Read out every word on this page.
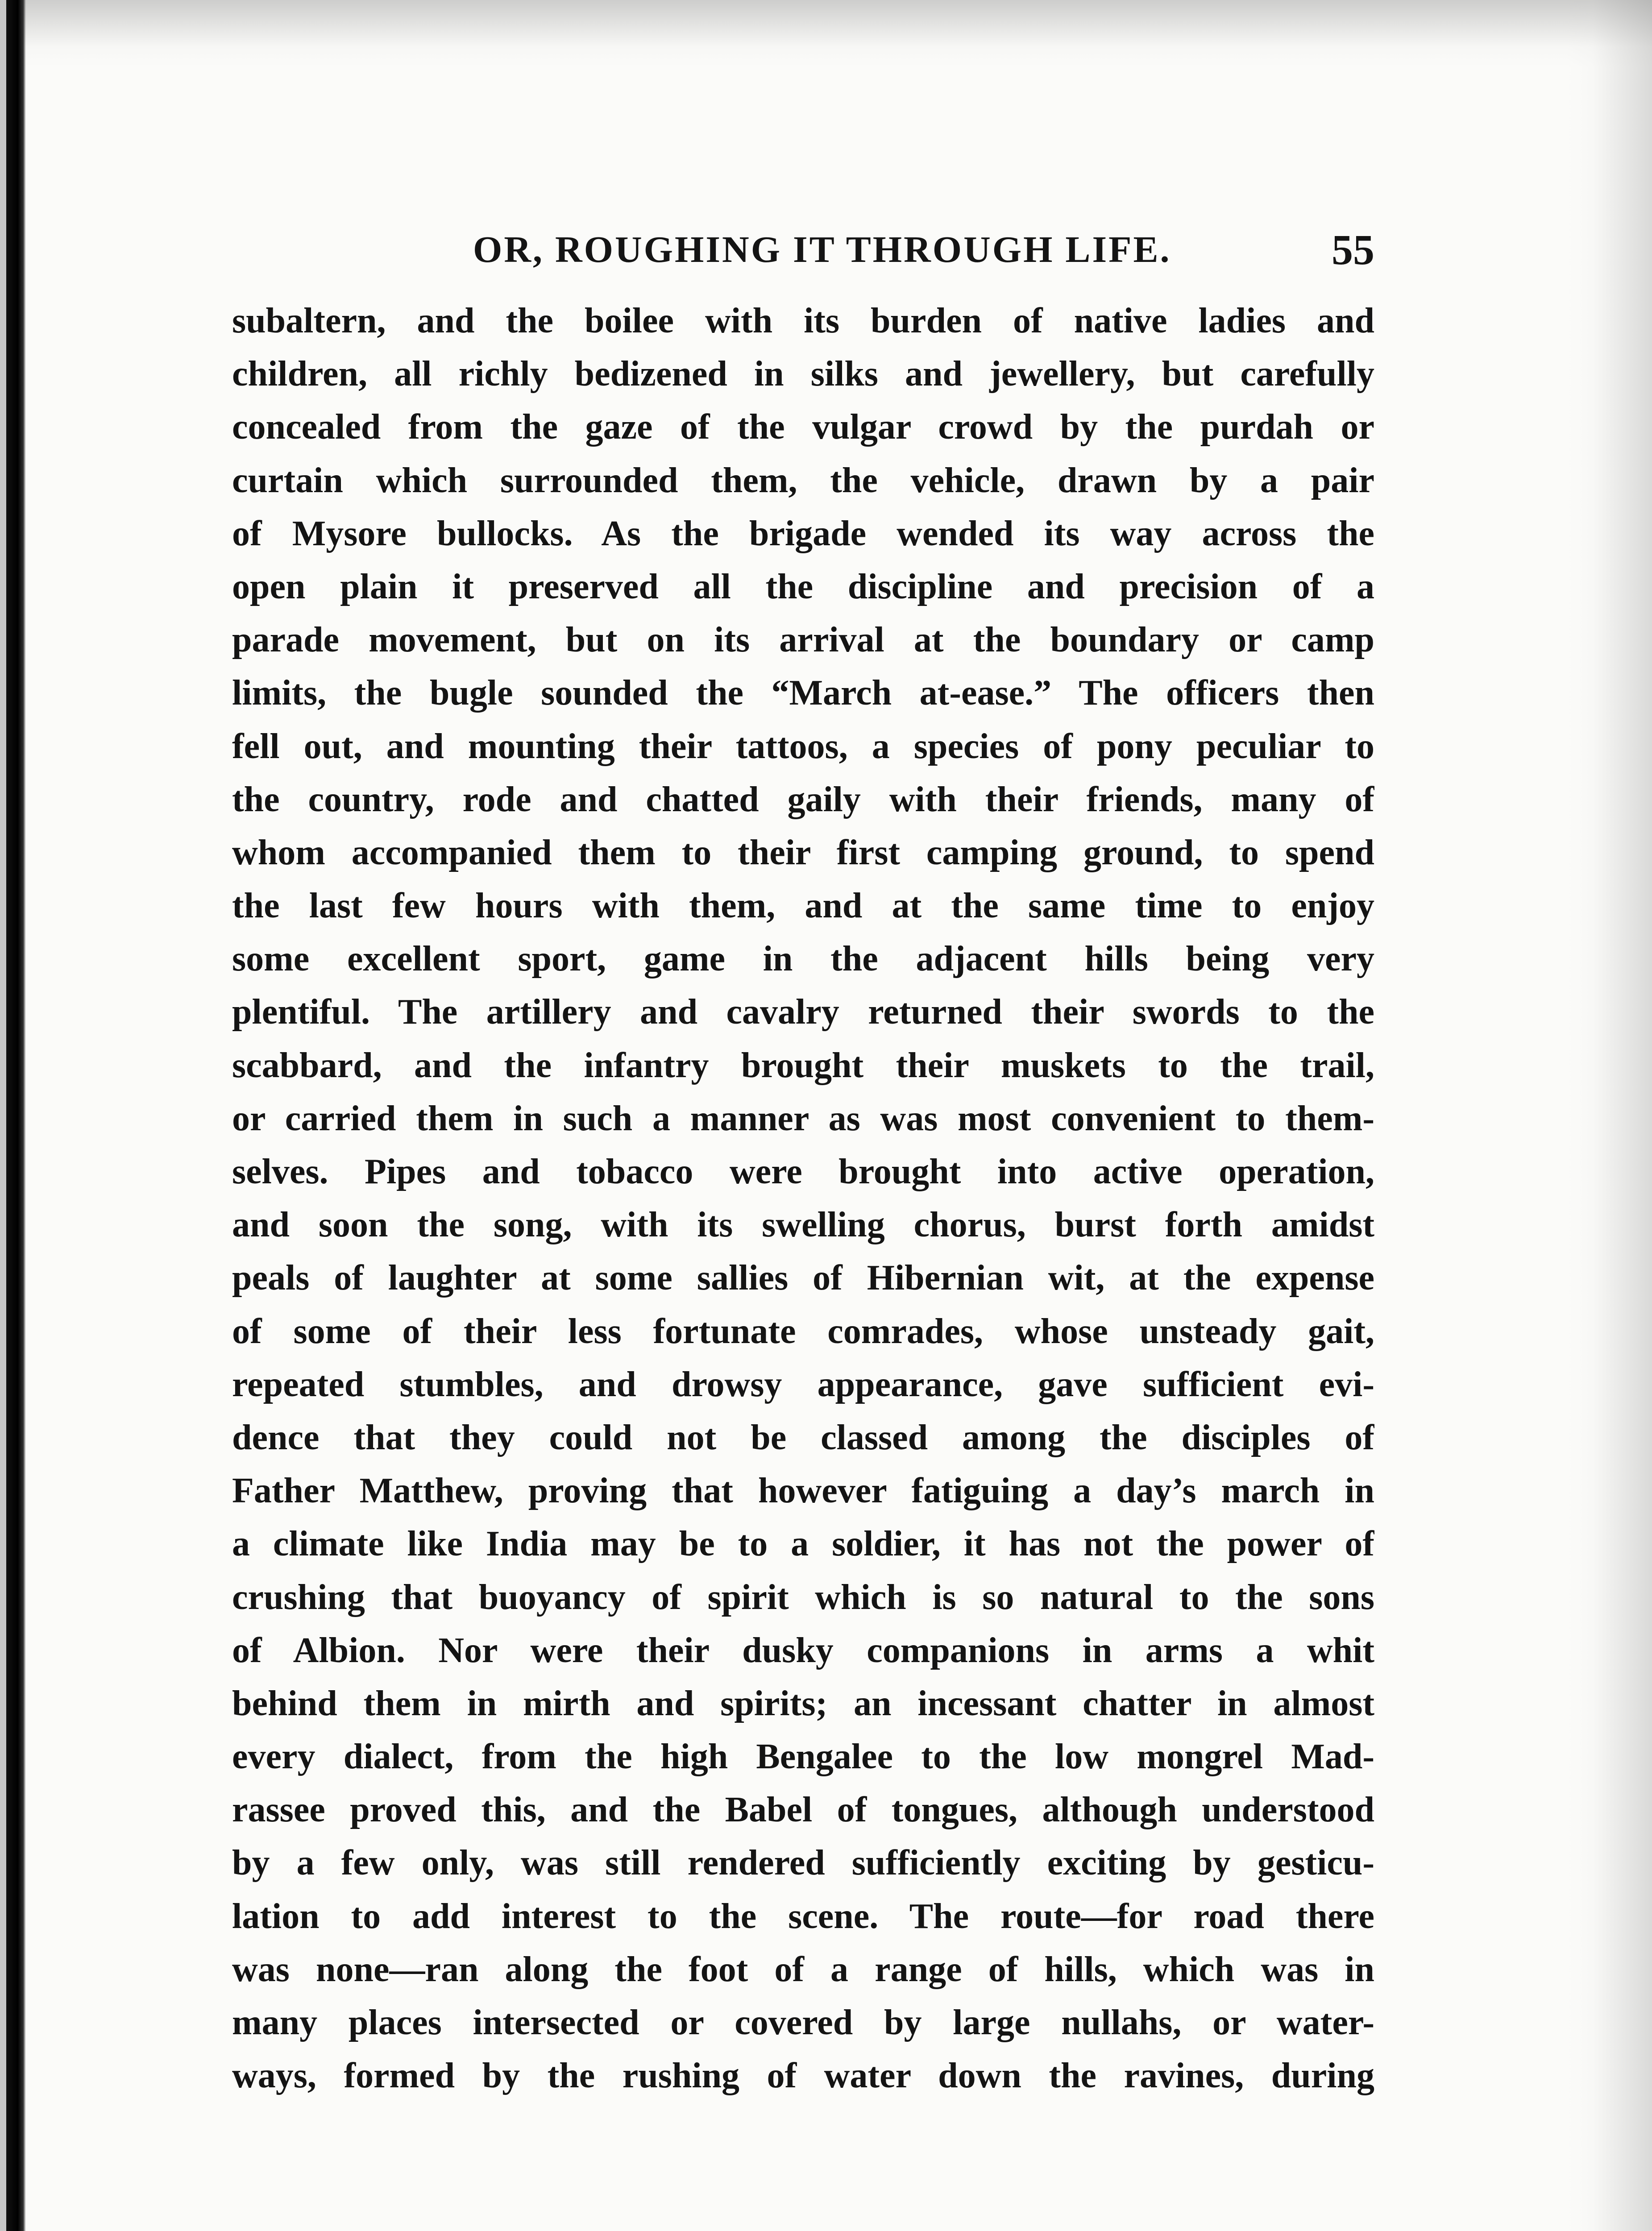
OR, ROUGHING IT THROUGH LIFE.	55
subaltern, and the boilee with its burden of native ladies and
children, all richly bedizened in silks and jewellery, but carefully
concealed from the gaze of the vulgar crowd by the purdah or
curtain which surrounded them, the vehicle, drawn by a pair
of Mysore bullocks. As the brigade wended its way across the
open plain it preserved all the discipline and precision of a
parade movement, but on its arrival at the boundary or camp
limits, the bugle sounded the “March at-ease.” The officers then
fell out, and mounting their tattoos, a species of pony peculiar to
the country, rode and chatted gaily with their friends, many of
whom accompanied them to their first camping ground, to spend
the last few hours with them, and at the same time to enjoy
some excellent sport, game in the adjacent hills being very
plentiful. The artillery and cavalry returned their swords to the
scabbard, and the infantry brought their muskets to the trail,
or carried them in such a manner as was most convenient to them-
selves. Pipes and tobacco were brought into active operation,
and soon the song, with its swelling chorus, burst forth amidst
peals of laughter at some sallies of Hibernian wit, at the expense
of some of their less fortunate comrades, whose unsteady gait,
repeated stumbles, and drowsy appearance, gave sufficient evi-
dence that they could not be classed among the disciples of
Father Matthew, proving that however fatiguing a day’s march in
a climate like India may be to a soldier, it has not the power of
crushing that buoyancy of spirit which is so natural to the sons
of Albion. Nor were their dusky companions in arms a whit
behind them in mirth and spirits; an incessant chatter in almost
every dialect, from the high Bengalee to the low mongrel Mad-
rassee proved this, and the Babel of tongues, although understood
by a few only, was still rendered sufficiently exciting by gesticu-
lation to add interest to the scene. The route—for road there
was none—ran along the foot of a range of hills, which was in
many places intersected or covered by large nullahs, or water-
ways, formed by the rushing of water down the ravines, during
